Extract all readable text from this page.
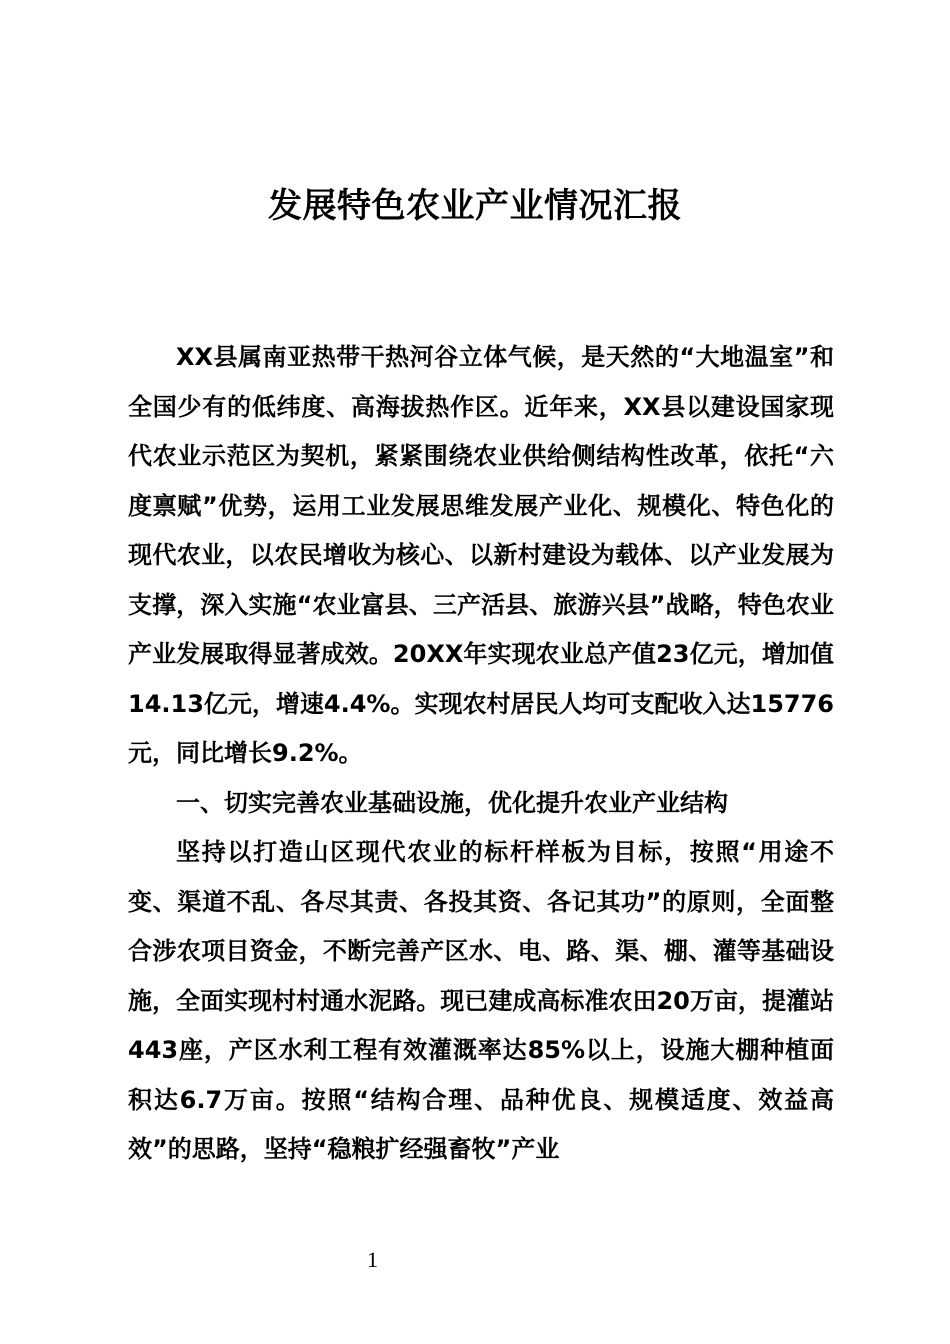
发展特色农业产业情况汇报

XX县属南亚热带干热河谷立体气候，是天然的“大地温室”和全国少有的低纬度、高海拔热作区。近年来，XX县以建设国家现代农业示范区为契机，紧紧围绕农业供给侧结构性改革，依托“六度禀赋”优势，运用工业发展思维发展产业化、规模化、特色化的现代农业，以农民增收为核心、以新村建设为载体、以产业发展为支撑，深入实施“农业富县、三产活县、旅游兴县”战略，特色农业产业发展取得显著成效。20XX年实现农业总产值23亿元，增加值14.13亿元，增速4.4%。实现农村居民人均可支配收入达15776元，同比增长9.2%。

一、切实完善农业基础设施，优化提升农业产业结构

坚持以打造山区现代农业的标杆样板为目标，按照“用途不变、渠道不乱、各尽其责、各投其资、各记其功”的原则，全面整合涉农项目资金，不断完善产区水、电、路、渠、棚、灌等基础设施，全面实现村村通水泥路。现已建成高标准农田20万亩，提灌站443座，产区水利工程有效灌溉率达85%以上，设施大棚种植面积达6.7万亩。按照“结构合理、品种优良、规模适度、效益高效”的思路，坚持“稳粮扩经强畜牧”产业

1
